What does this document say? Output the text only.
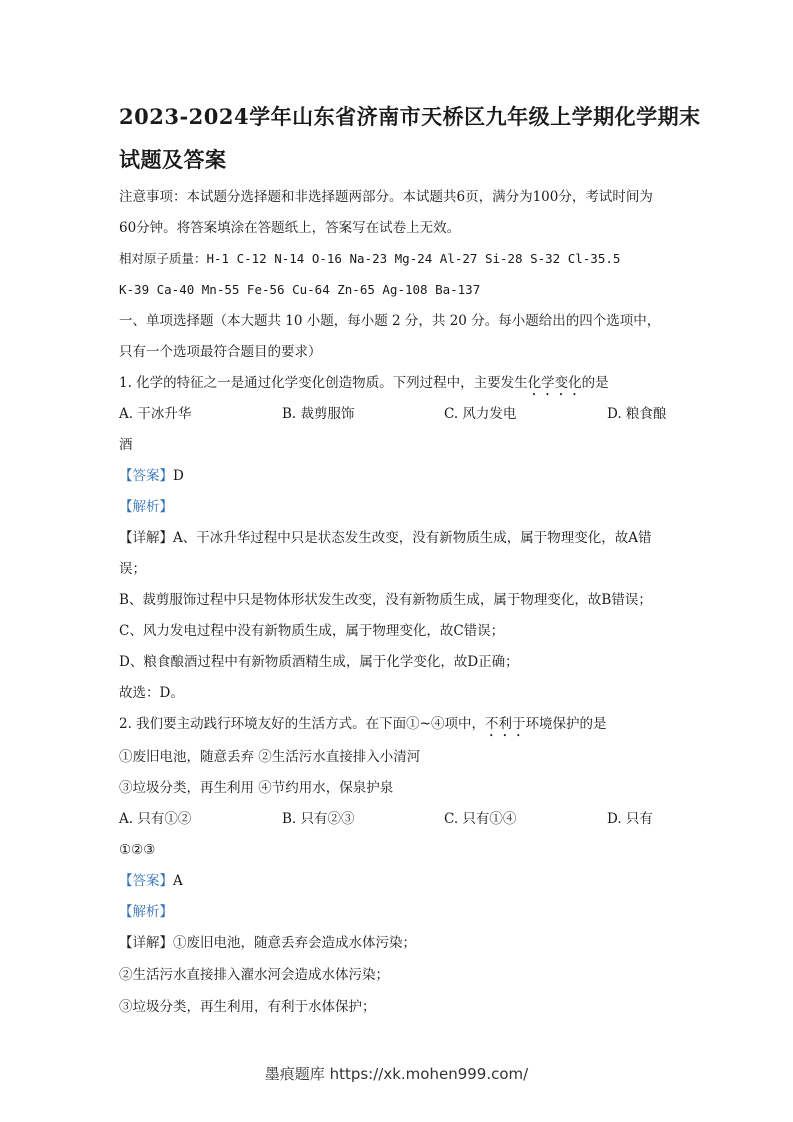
2023-2024学年山东省济南市天桥区九年级上学期化学期末
试题及答案
注意事项：本试题分选择题和非选择题两部分。本试题共6页，满分为100分，考试时间为
60分钟。将答案填涂在答题纸上，答案写在试卷上无效。
相对原子质量：H-1 C-12 N-14 O-16 Na-23 Mg-24 Al-27 Si-28 S-32 Cl-35.5
K-39 Ca-40 Mn-55 Fe-56 Cu-64 Zn-65 Ag-108 Ba-137
一、单项选择题（本大题共 10 小题，每小题 2 分，共 20 分。每小题给出的四个选项中，
只有一个选项最符合题目的要求）
1. 化学的特征之一是通过化学变化创造物质。下列过程中，主要发生化学变化的是
A. 干冰升华	B. 裁剪服饰	C. 风力发电	D. 粮食酿
酒
【答案】D
【解析】
【详解】A、干冰升华过程中只是状态发生改变，没有新物质生成，属于物理变化，故A错
误；
B、裁剪服饰过程中只是物体形状发生改变，没有新物质生成，属于物理变化，故B错误；
C、风力发电过程中没有新物质生成，属于物理变化，故C错误；
D、粮食酿酒过程中有新物质酒精生成，属于化学变化，故D正确；
故选：D。
2. 我们要主动践行环境友好的生活方式。在下面①~④项中，不利于环境保护的是
①废旧电池，随意丢弃 ②生活污水直接排入小清河
③垃圾分类，再生利用 ④节约用水，保泉护泉
A. 只有①②	B. 只有②③	C. 只有①④	D. 只有
①②③
【答案】A
【解析】
【详解】①废旧电池，随意丢弃会造成水体污染；
②生活污水直接排入濯水河会造成水体污染；
③垃圾分类，再生利用，有利于水体保护；
墨痕题库 https://xk.mohen999.com/
